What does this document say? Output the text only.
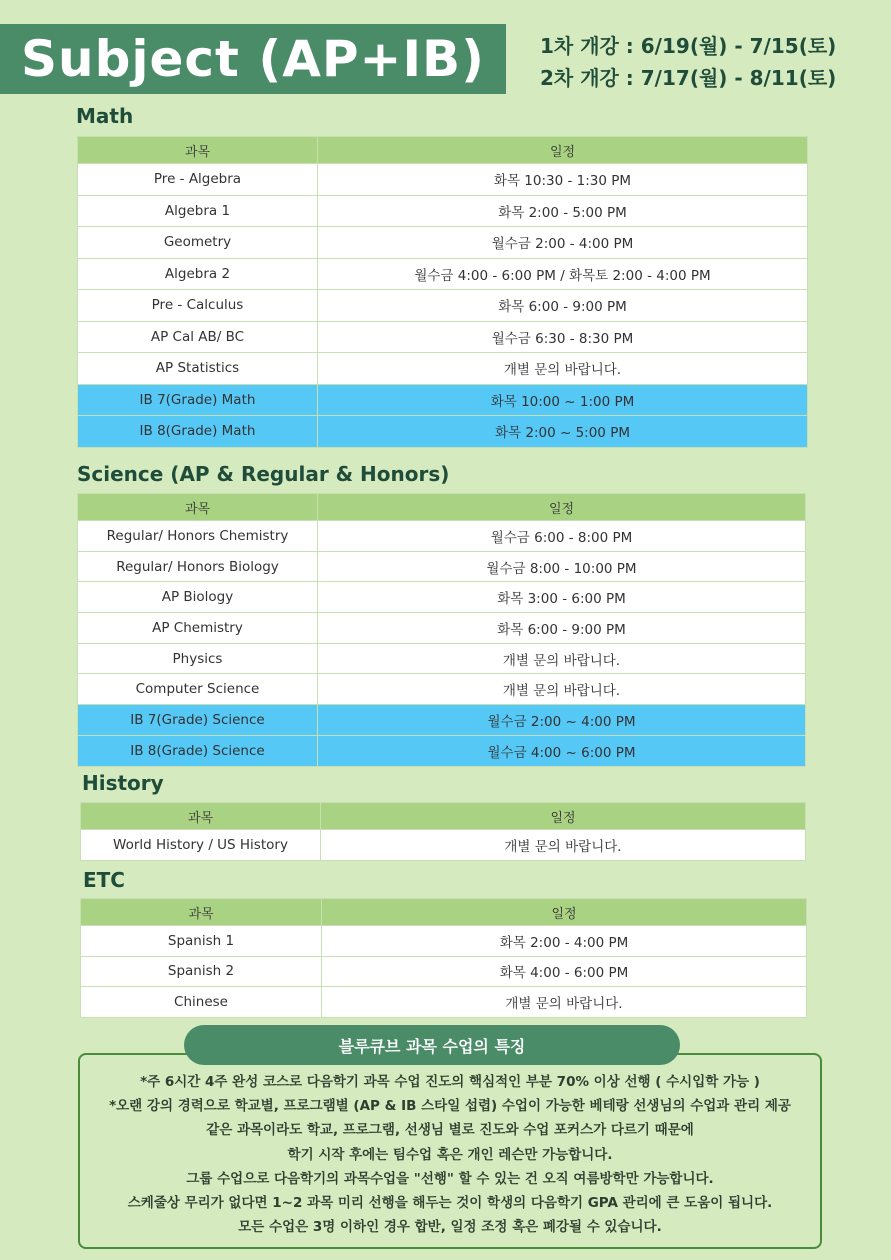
Subject (AP+IB)	1차 개강 : 6/19(월) - 7/15(토)
2차 개강 : 7/17(월) - 8/11(토)
Math
과목	일정
Pre - Algebra	화목 10:30 - 1:30 PM
Algebra 1	화목 2:00 - 5:00 PM
Geometry	월수금 2:00 - 4:00 PM
Algebra 2	월수금 4:00 - 6:00 PM / 화목토 2:00 - 4:00 PM
Pre - Calculus	화목 6:00 - 9:00 PM
AP Cal AB/ BC	월수금 6:30 - 8:30 PM
AP Statistics	개별 문의 바랍니다.
IB 7(Grade) Math	화목 10:00 ~ 1:00 PM
IB 8(Grade) Math	화목 2:00 ~ 5:00 PM
Science (AP & Regular & Honors)
과목	일정
Regular/ Honors Chemistry	월수금 6:00 - 8:00 PM
Regular/ Honors Biology	월수금 8:00 - 10:00 PM
AP Biology	화목 3:00 - 6:00 PM
AP Chemistry	화목 6:00 - 9:00 PM
Physics	개별 문의 바랍니다.
Computer Science	개별 문의 바랍니다.
IB 7(Grade) Science	월수금 2:00 ~ 4:00 PM
IB 8(Grade) Science	월수금 4:00 ~ 6:00 PM
History
과목	일정
World History / US History	개별 문의 바랍니다.
ETC
과목	일정
Spanish 1	화목 2:00 - 4:00 PM
Spanish 2	화목 4:00 - 6:00 PM
Chinese	개별 문의 바랍니다.
블루큐브 과목 수업의 특징
*주 6시간 4주 완성 코스로 다음학기 과목 수업 진도의 핵심적인 부분 70% 이상 선행 ( 수시입학 가능 )
*오랜 강의 경력으로 학교별, 프로그램별 (AP & IB 스타일 섭렵) 수업이 가능한 베테랑 선생님의 수업과 관리 제공
같은 과목이라도 학교, 프로그램, 선생님 별로 진도와 수업 포커스가 다르기 때문에
학기 시작 후에는 팀수업 혹은 개인 레슨만 가능합니다.
그룹 수업으로 다음학기의 과목수업을 "선행" 할 수 있는 건 오직 여름방학만 가능합니다.
스케줄상 무리가 없다면 1~2 과목 미리 선행을 해두는 것이 학생의 다음학기 GPA 관리에 큰 도움이 됩니다.
모든 수업은 3명 이하인 경우 합반, 일정 조정 혹은 폐강될 수 있습니다.
